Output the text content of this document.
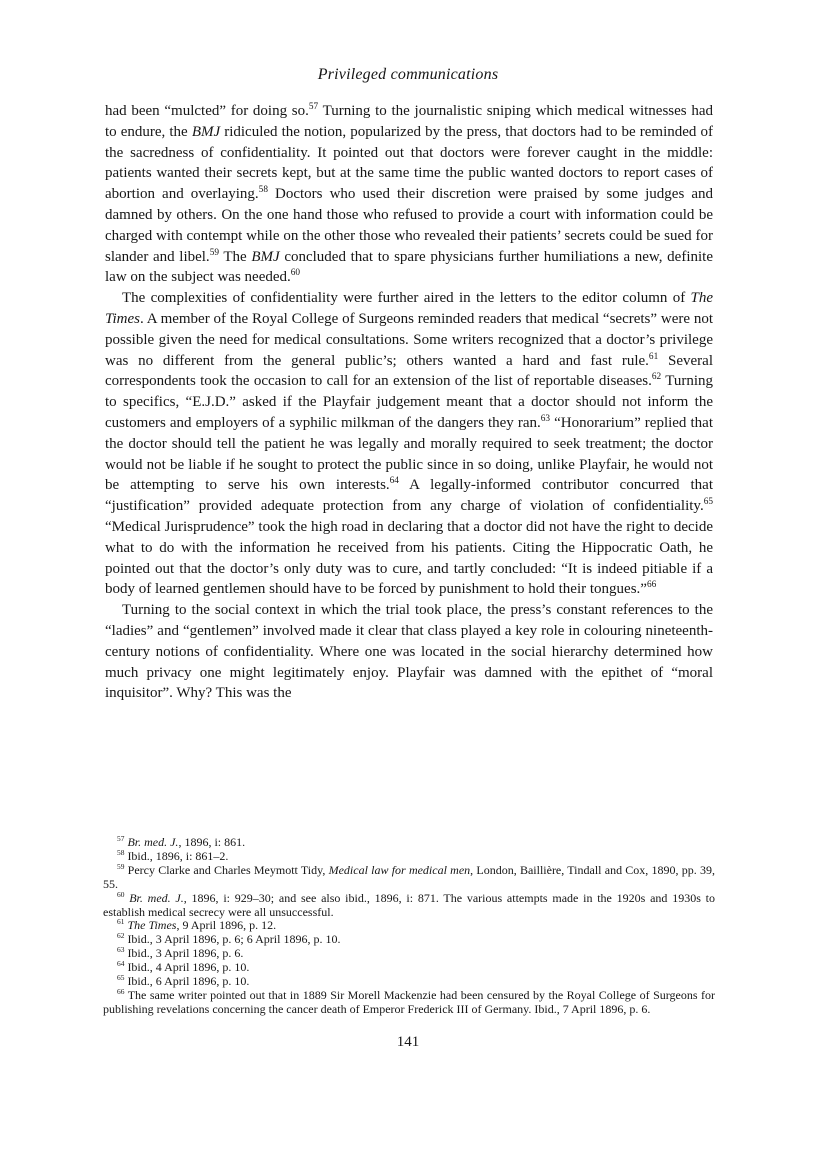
Privileged communications

had been “mulcted” for doing so.$^{57}$ Turning to the journalistic sniping which medical witnesses had to endure, the BMJ ridiculed the notion, popularized by the press, that doctors had to be reminded of the sacredness of confidentiality. It pointed out that doctors were forever caught in the middle: patients wanted their secrets kept, but at the same time the public wanted doctors to report cases of abortion and overlaying.$^{58}$ Doctors who used their discretion were praised by some judges and damned by others. On the one hand those who refused to provide a court with information could be charged with contempt while on the other those who revealed their patients’ secrets could be sued for slander and libel.$^{59}$ The BMJ concluded that to spare physicians further humiliations a new, definite law on the subject was needed.$^{60}$

The complexities of confidentiality were further aired in the letters to the editor column of The Times. A member of the Royal College of Surgeons reminded readers that medical “secrets” were not possible given the need for medical consultations. Some writers recognized that a doctor’s privilege was no different from the general public’s; others wanted a hard and fast rule.$^{61}$ Several correspondents took the occasion to call for an extension of the list of reportable diseases.$^{62}$ Turning to specifics, “E.J.D.” asked if the Playfair judgement meant that a doctor should not inform the customers and employers of a syphilic milkman of the dangers they ran.$^{63}$ “Honorarium” replied that the doctor should tell the patient he was legally and morally required to seek treatment; the doctor would not be liable if he sought to protect the public since in so doing, unlike Playfair, he would not be attempting to serve his own interests.$^{64}$ A legally-informed contributor concurred that “justification” provided adequate protection from any charge of violation of confidentiality.$^{65}$ “Medical Jurisprudence” took the high road in declaring that a doctor did not have the right to decide what to do with the information he received from his patients. Citing the Hippocratic Oath, he pointed out that the doctor’s only duty was to cure, and tartly concluded: “It is indeed pitiable if a body of learned gentlemen should have to be forced by punishment to hold their tongues.”$^{66}$

Turning to the social context in which the trial took place, the press’s constant references to the “ladies” and “gentlemen” involved made it clear that class played a key role in colouring nineteenth-century notions of confidentiality. Where one was located in the social hierarchy determined how much privacy one might legitimately enjoy. Playfair was damned with the epithet of “moral inquisitor”. Why? This was the

$^{57}$ Br. med. J., 1896, i: 861.

$^{58}$ Ibid., 1896, i: 861–2.

$^{59}$ Percy Clarke and Charles Meymott Tidy, Medical law for medical men, London, Baillière, Tindall and Cox, 1890, pp. 39, 55.

$^{60}$ Br. med. J., 1896, i: 929–30; and see also ibid., 1896, i: 871. The various attempts made in the 1920s and 1930s to establish medical secrecy were all unsuccessful.

$^{61}$ The Times, 9 April 1896, p. 12.

$^{62}$ Ibid., 3 April 1896, p. 6; 6 April 1896, p. 10.

$^{63}$ Ibid., 3 April 1896, p. 6.

$^{64}$ Ibid., 4 April 1896, p. 10.

$^{65}$ Ibid., 6 April 1896, p. 10.

$^{66}$ The same writer pointed out that in 1889 Sir Morell Mackenzie had been censured by the Royal College of Surgeons for publishing revelations concerning the cancer death of Emperor Frederick III of Germany. Ibid., 7 April 1896, p. 6.

141
